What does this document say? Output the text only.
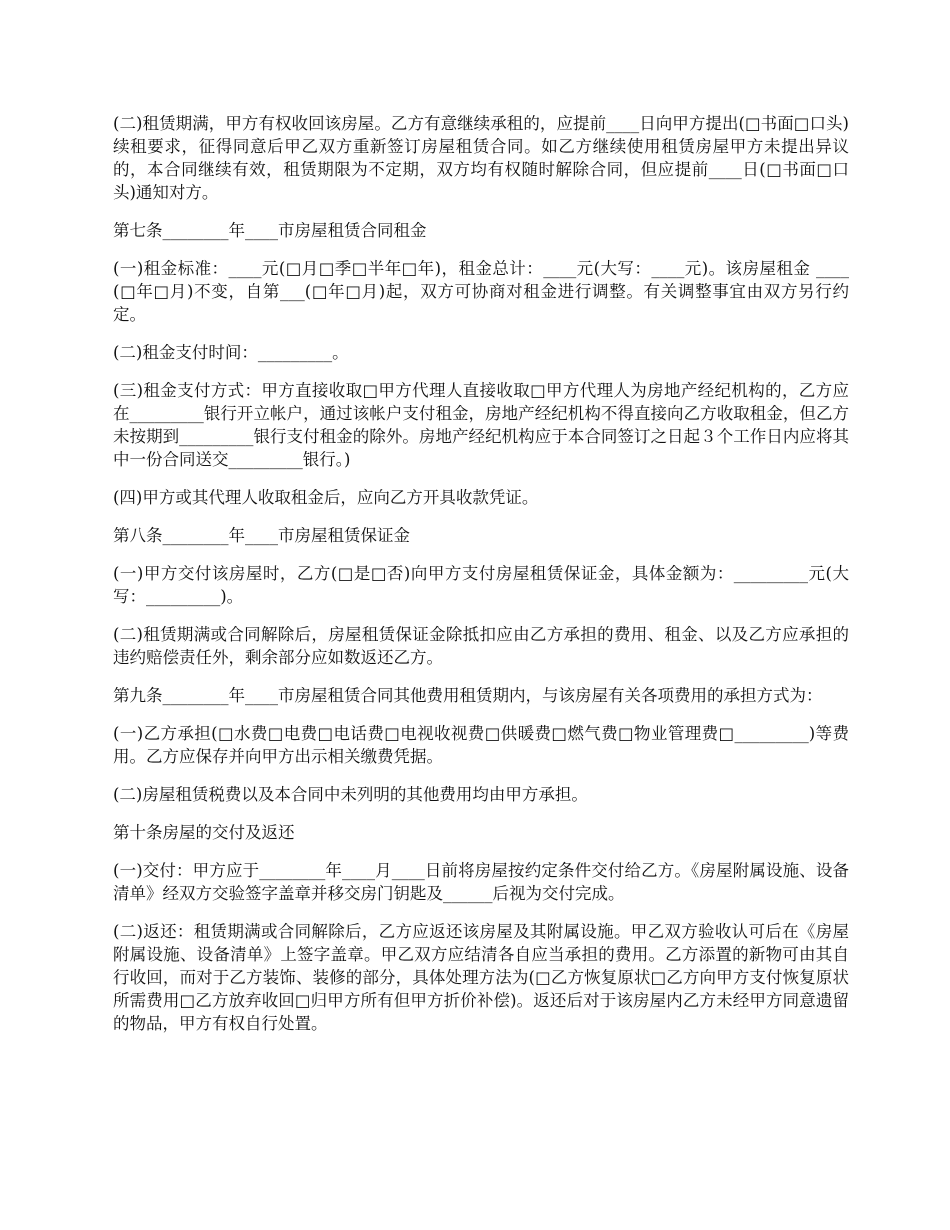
(二)租赁期满，甲方有权收回该房屋。乙方有意继续承租的，应提前____日向甲方提出(□书面□口头)续租要求，征得同意后甲乙双方重新签订房屋租赁合同。如乙方继续使用租赁房屋甲方未提出异议的，本合同继续有效，租赁期限为不定期，双方均有权随时解除合同，但应提前____日(□书面□口头)通知对方。

第七条________年____市房屋租赁合同租金

(一)租金标准：____元(□月□季□半年□年)，租金总计：____元(大写：____元)。该房屋租金 ____(□年□月)不变，自第___(□年□月)起，双方可协商对租金进行调整。有关调整事宜由双方另行约定。

(二)租金支付时间：_________。

(三)租金支付方式：甲方直接收取□甲方代理人直接收取□甲方代理人为房地产经纪机构的，乙方应在_________银行开立帐户，通过该帐户支付租金，房地产经纪机构不得直接向乙方收取租金，但乙方未按期到_________银行支付租金的除外。房地产经纪机构应于本合同签订之日起３个工作日内应将其中一份合同送交_________银行。)

(四)甲方或其代理人收取租金后，应向乙方开具收款凭证。

第八条________年____市房屋租赁保证金

(一)甲方交付该房屋时，乙方(□是□否)向甲方支付房屋租赁保证金，具体金额为：_________元(大写：_________)。

(二)租赁期满或合同解除后，房屋租赁保证金除抵扣应由乙方承担的费用、租金、以及乙方应承担的违约赔偿责任外，剩余部分应如数返还乙方。

第九条________年____市房屋租赁合同其他费用租赁期内，与该房屋有关各项费用的承担方式为：

(一)乙方承担(□水费□电费□电话费□电视收视费□供暖费□燃气费□物业管理费□_________)等费用。乙方应保存并向甲方出示相关缴费凭据。

(二)房屋租赁税费以及本合同中未列明的其他费用均由甲方承担。

第十条房屋的交付及返还

(一)交付：甲方应于________年____月____日前将房屋按约定条件交付给乙方。《房屋附属设施、设备清单》经双方交验签字盖章并移交房门钥匙及______后视为交付完成。

(二)返还：租赁期满或合同解除后，乙方应返还该房屋及其附属设施。甲乙双方验收认可后在《房屋附属设施、设备清单》上签字盖章。甲乙双方应结清各自应当承担的费用。乙方添置的新物可由其自行收回，而对于乙方装饰、装修的部分，具体处理方法为(□乙方恢复原状□乙方向甲方支付恢复原状所需费用□乙方放弃收回□归甲方所有但甲方折价补偿)。返还后对于该房屋内乙方未经甲方同意遗留的物品，甲方有权自行处置。
